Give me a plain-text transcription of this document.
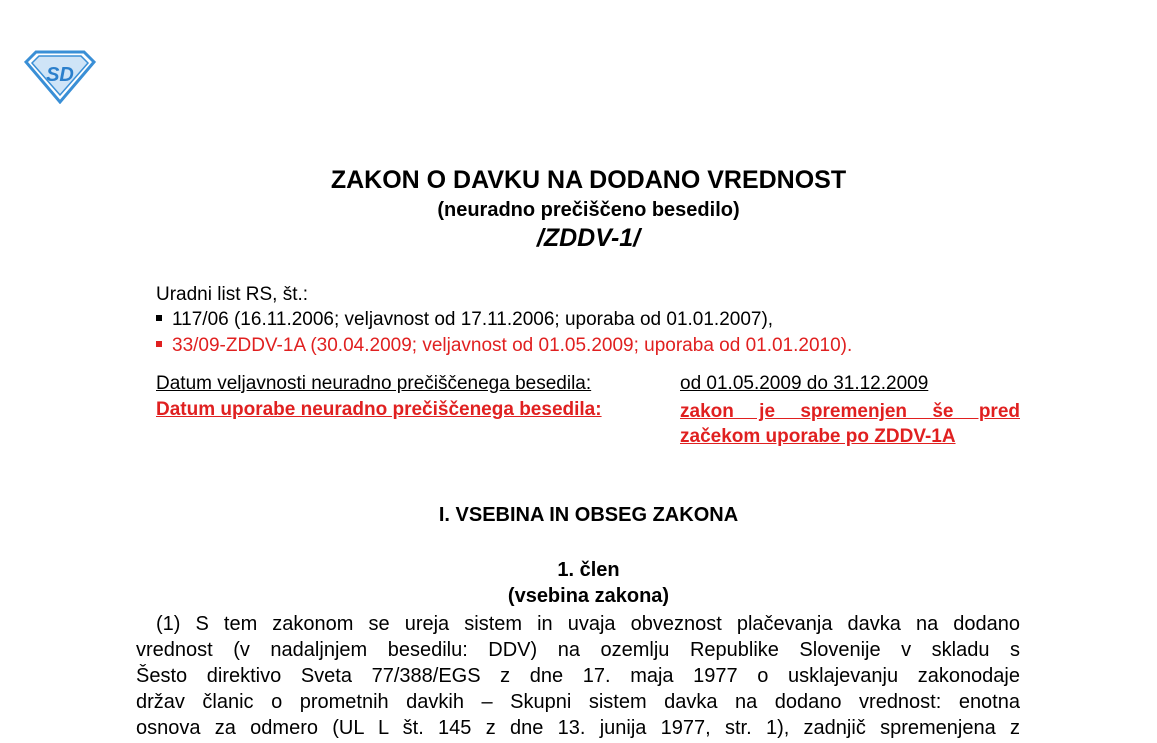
SD
ZAKON O DAVKU NA DODANO VREDNOST
(neuradno prečiščeno besedilo)
/ZDDV-1/
Uradni list RS, št.:
117/06 (16.11.2006; veljavnost od 17.11.2006; uporaba od 01.01.2007),
33/09-ZDDV-1A (30.04.2009; veljavnost od 01.05.2009; uporaba od 01.01.2010).
Datum veljavnosti neuradno prečiščenega besedila:	od 01.05.2009 do 31.12.2009
Datum uporabe neuradno prečiščenega besedila:	zakon je spremenjen še pred
začekom uporabe po ZDDV-1A
I. VSEBINA IN OBSEG ZAKONA
1. člen
(vsebina zakona)
(1) S tem zakonom se ureja sistem in uvaja obveznost plačevanja davka na dodano
vrednost (v nadaljnjem besedilu: DDV) na ozemlju Republike Slovenije v skladu s
Šesto direktivo Sveta 77/388/EGS z dne 17. maja 1977 o usklajevanju zakonodaje
držav članic o prometnih davkih – Skupni sistem davka na dodano vrednost: enotna
osnova za odmero (UL L št. 145 z dne 13. junija 1977, str. 1), zadnjič spremenjena z
